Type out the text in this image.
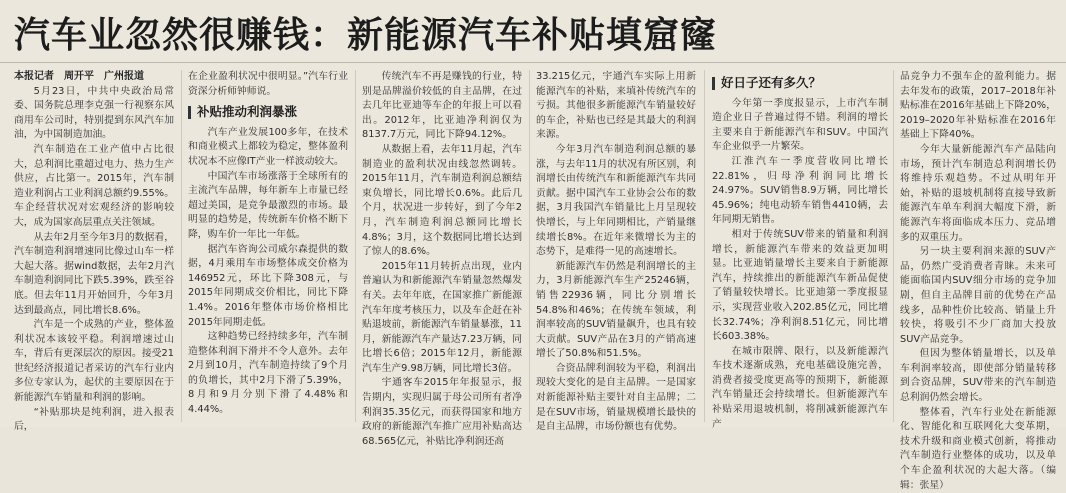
汽车业忽然很赚钱：新能源汽车补贴填窟窿

本报记者　周开平　广州报道

5月23日，中共中央政治局常委、国务院总理李克强一行视察东风商用车公司时，特别提到东风汽车加油，为中国制造加油。

汽车制造在工业产值中占比很大，总利润比重超过电力、热力生产供应，占比第一。2015年，汽车制造业利润占工业利润总额约9.55%。车企经营状况对宏观经济的影响较大，成为国家高层重点关注领域。

从去年2月至今年3月的数据看，汽车制造利润增速同比像过山车一样大起大落。据wind数据，去年2月汽车制造利润同比下跌5.39%，跌至谷底。但去年11月开始回升，今年3月达到最高点，同比增长8.6%。

汽车是一个成熟的产业，整体盈利状况本该较平稳。利润增速过山车，背后有更深层次的原因。接受21世纪经济报道记者采访的汽车行业内多位专家认为，起伏的主要原因在于新能源汽车销量和利润的影响。

“补贴那块是纯利润，进入报表后，

在企业盈利状况中很明显。”汽车行业资深分析师钟师说。

补贴推动利润暴涨

汽车产业发展100多年，在技术和商业模式上都较为稳定，整体盈利状况本不应像IT产业一样波动较大。

中国汽车市场涨落于全球所有的主流汽车品牌，每年新车上市量已经超过美国，是竞争最激烈的市场。最明显的趋势是，传统新车价格不断下降，购车价一年比一年低。

据汽车咨询公司威尔森提供的数据，4月乘用车市场整体成交价格为146952元，环比下降308元，与2015年同期成交价相比，同比下降1.4%。2016年整体市场价格相比2015年同期走低。

这种趋势已经持续多年，汽车制造整体利润下滑并不令人意外。去年2月到10月，汽车制造持续了9个月的负增长，其中2月下滑了5.39%，8月和9月分别下滑了4.48%和4.44%。

传统汽车不再是赚钱的行业，特别是品牌溢价较低的自主品牌，在过去几年比亚迪等车企的年报上可以看出。2012年，比亚迪净利润仅为8137.7万元，同比下降94.12%。

从数据上看，去年11月起，汽车制造业的盈利状况由线忽然调转。2015年11月，汽车制造利润总额结束负增长，同比增长0.6%。此后几个月，状况进一步转好，到了今年2月，汽车制造利润总额同比增长4.8%；3月，这个数据同比增长达到了惊人的8.6%。

2015年11月转折点出现，业内普遍认为和新能源汽车销量忽然爆发有关。去年年底，在国家推广新能源汽车年度考核压力，以及车企赶在补贴退坡前，新能源汽车销量暴涨，11月，新能源汽车产量达7.23万辆，同比增长6倍；2015年12月，新能源汽车生产9.98万辆，同比增长3倍。

宇通客车2015年年报显示，报告期内，实现归属于母公司所有者净利润35.35亿元，而获得国家和地方政府的新能源汽车推广应用补贴高达68.565亿元，补贴比净利润还高

33.215亿元，宇通汽车实际上用新能源汽车的补贴，来填补传统汽车的亏损。其他很多新能源汽车销量较好的车企，补贴也已经是其最大的利润来源。

今年3月汽车制造利润总额的暴涨，与去年11月的状况有所区别，利润增长由传统汽车和新能源汽车共同贡献。据中国汽车工业协会公布的数据，3月我国汽车销量比上月呈现较快增长，与上年同期相比，产销量继续增长8%。在近年来微增长为主的态势下，是难得一见的高速增长。

新能源汽车仍然是利润增长的主力，3月新能源汽车生产25246辆，销售22936辆，同比分别增长54.8%和46%；在传统车领域，利润率较高的SUV销量飙升，也具有较大贡献。SUV产品在3月的产销高速增长了50.8%和51.5%。

合资品牌利润较为平稳，利润出现较大变化的是自主品牌。一是国家对新能源补贴主要针对自主品牌；二是在SUV市场，销量规模增长最快的是自主品牌，市场份额也有优势。

好日子还有多久？

今年第一季度报显示，上市汽车制造企业日子普遍过得不错。利润的增长主要来自于新能源汽车和SUV。中国汽车企业似乎一片繁荣。

江淮汽车一季度营收同比增长22.81%，归母净利润同比增长24.97%。SUV销售8.9万辆，同比增长45.96%；纯电动轿车销售4410辆，去年同期无销售。

相对于传统SUV带来的销量和利润增长，新能源汽车带来的效益更加明显。比亚迪销量增长主要来自于新能源汽车，持续推出的新能源汽车新品促使了销量较快增长。比亚迪第一季度报显示，实现营业收入202.85亿元，同比增长32.74%；净利润8.51亿元，同比增长603.38%。

在城市限牌、限行，以及新能源汽车技术逐渐成熟，充电基础设施完善，消费者接受度更高等的预期下，新能源汽车销量还会持续增长。但新能源汽车补贴采用退坡机制，将削减新能源汽车产

品竞争力不强车企的盈利能力。据去年发布的政策，2017–2018年补贴标准在2016年基础上下降20%，2019–2020年补贴标准在2016年基础上下降40%。

今年大量新能源汽车产品陆向市场，预计汽车制造总利润增长仍将维持乐观趋势。不过从明年开始，补贴的退坡机制将直接导致新能源汽车单车利润大幅度下滑，新能源汽车将面临成本压力、竞品增多的双重压力。

另一块主要利润来源的SUV产品，仍然广受消费者青睐。未来可能面临国内SUV细分市场的竞争加剧，但自主品牌目前的优势在产品线多，品种性价比较高、销量上升较快，将吸引不少厂商加大投放SUV产品竞争。

但因为整体销量增长，以及单车利润率较高，即使部分销量转移到合资品牌，SUV带来的汽车制造总利润仍然会增长。

整体看，汽车行业处在新能源化、智能化和互联网化大变革期，技术升级和商业模式创新，将推动汽车制造行业整体的成功，以及单个车企盈利状况的大起大落。（编辑：张星）
